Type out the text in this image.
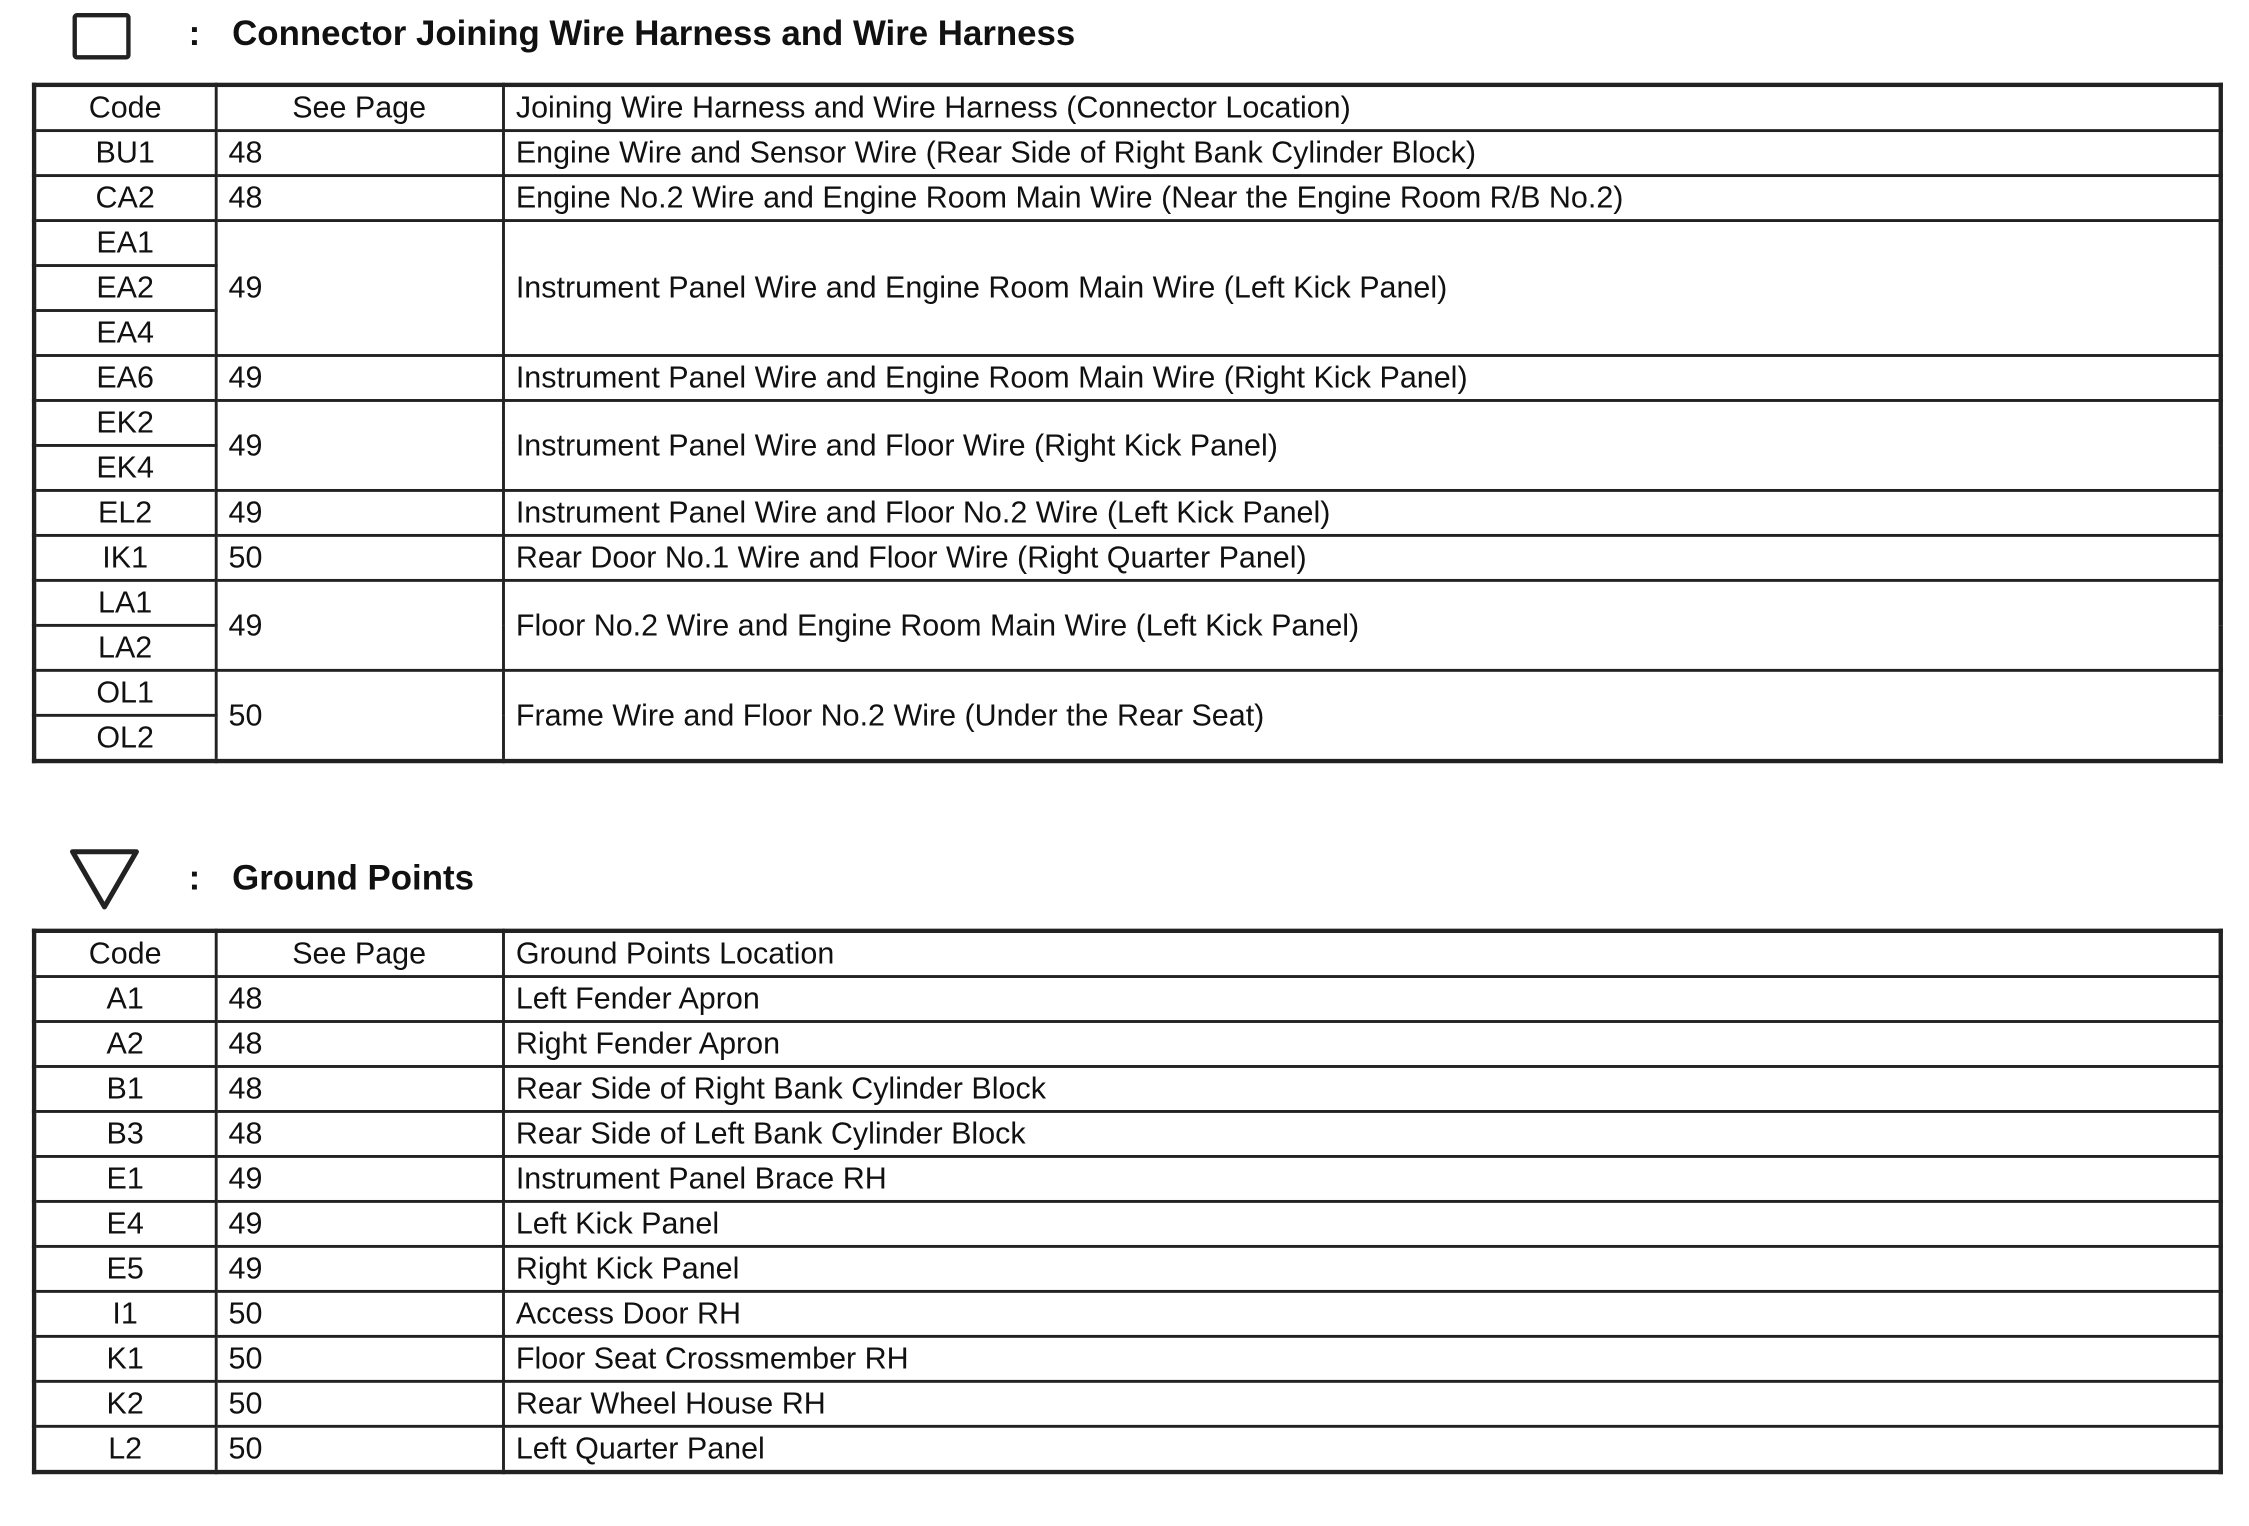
: Connector Joining Wire Harness and Wire Harness
Code	See Page	Joining Wire Harness and Wire Harness (Connector Location)
BU1	48	Engine Wire and Sensor Wire (Rear Side of Right Bank Cylinder Block)
CA2	48	Engine No.2 Wire and Engine Room Main Wire (Near the Engine Room R/B No.2)
EA1	49	Instrument Panel Wire and Engine Room Main Wire (Left Kick Panel)
EA2		
EA4		
EA6	49	Instrument Panel Wire and Engine Room Main Wire (Right Kick Panel)
EK2	49	Instrument Panel Wire and Floor Wire (Right Kick Panel)
EK4		
EL2	49	Instrument Panel Wire and Floor No.2 Wire (Left Kick Panel)
IK1	50	Rear Door No.1 Wire and Floor Wire (Right Quarter Panel)
LA1	49	Floor No.2 Wire and Engine Room Main Wire (Left Kick Panel)
LA2		
OL1	50	Frame Wire and Floor No.2 Wire (Under the Rear Seat)
OL2		
: Ground Points
Code	See Page	Ground Points Location
A1	48	Left Fender Apron
A2	48	Right Fender Apron
B1	48	Rear Side of Right Bank Cylinder Block
B3	48	Rear Side of Left Bank Cylinder Block
E1	49	Instrument Panel Brace RH
E4	49	Left Kick Panel
E5	49	Right Kick Panel
I1	50	Access Door RH
K1	50	Floor Seat Crossmember RH
K2	50	Rear Wheel House RH
L2	50	Left Quarter Panel
